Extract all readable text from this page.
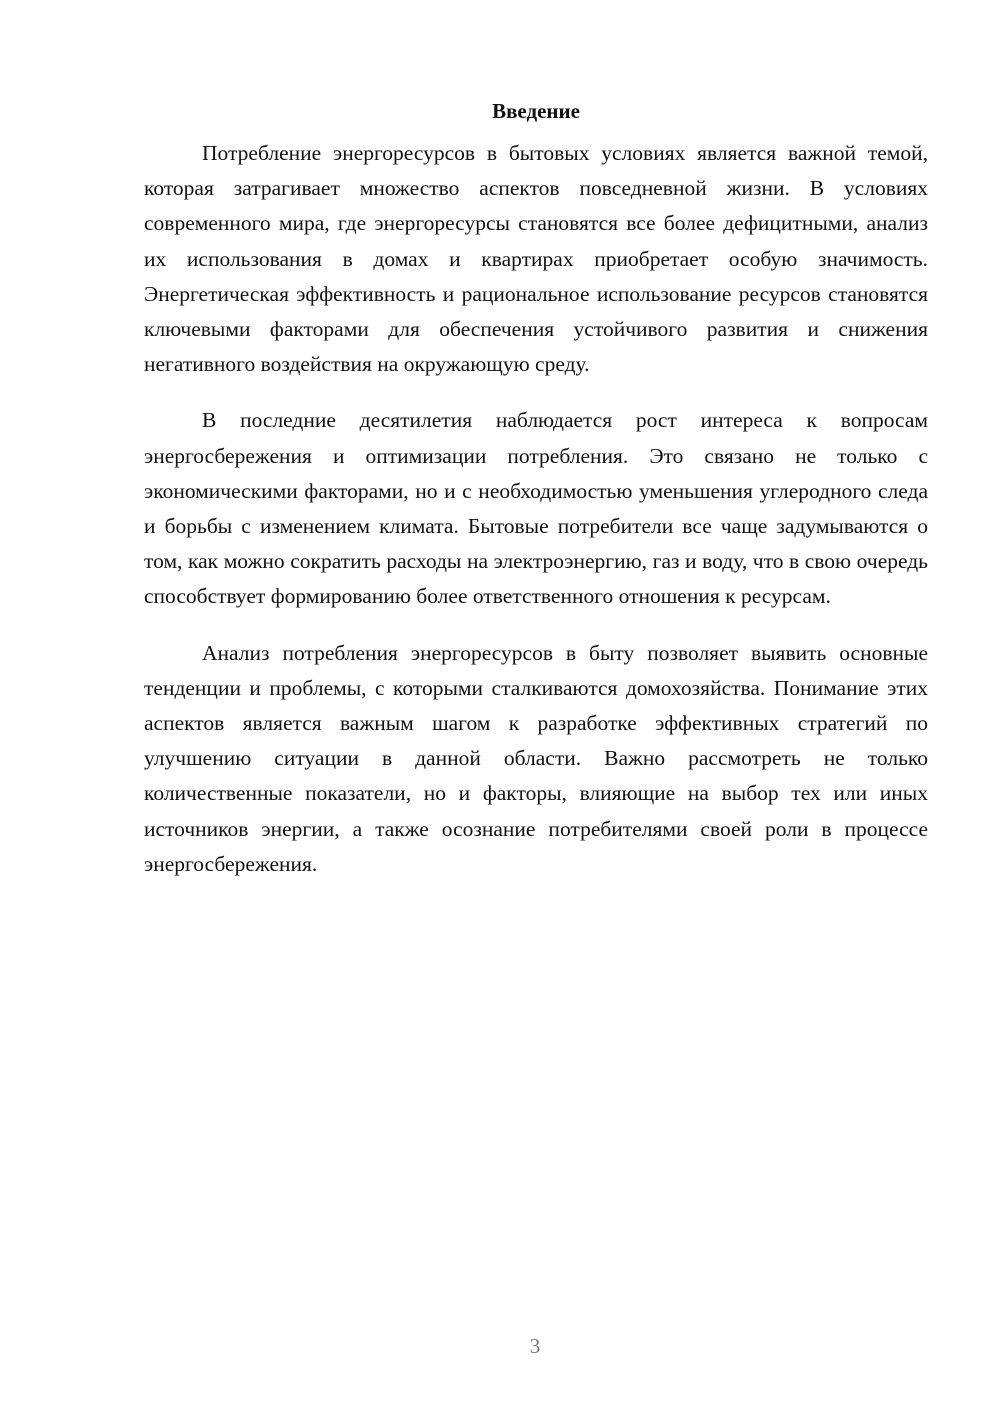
Введение

Потребление энергоресурсов в бытовых условиях является важной темой, которая затрагивает множество аспектов повседневной жизни. В условиях современного мира, где энергоресурсы становятся все более дефицитными, анализ их использования в домах и квартирах приобретает особую значимость. Энергетическая эффективность и рациональное использование ресурсов становятся ключевыми факторами для обеспечения устойчивого развития и снижения негативного воздействия на окружающую среду.

В последние десятилетия наблюдается рост интереса к вопросам энергосбережения и оптимизации потребления. Это связано не только с экономическими факторами, но и с необходимостью уменьшения углеродного следа и борьбы с изменением климата. Бытовые потребители все чаще задумываются о том, как можно сократить расходы на электроэнергию, газ и воду, что в свою очередь способствует формированию более ответственного отношения к ресурсам.

Анализ потребления энергоресурсов в быту позволяет выявить основные тенденции и проблемы, с которыми сталкиваются домохозяйства. Понимание этих аспектов является важным шагом к разработке эффективных стратегий по улучшению ситуации в данной области. Важно рассмотреть не только количественные показатели, но и факторы, влияющие на выбор тех или иных источников энергии, а также осознание потребителями своей роли в процессе энергосбережения.

3
